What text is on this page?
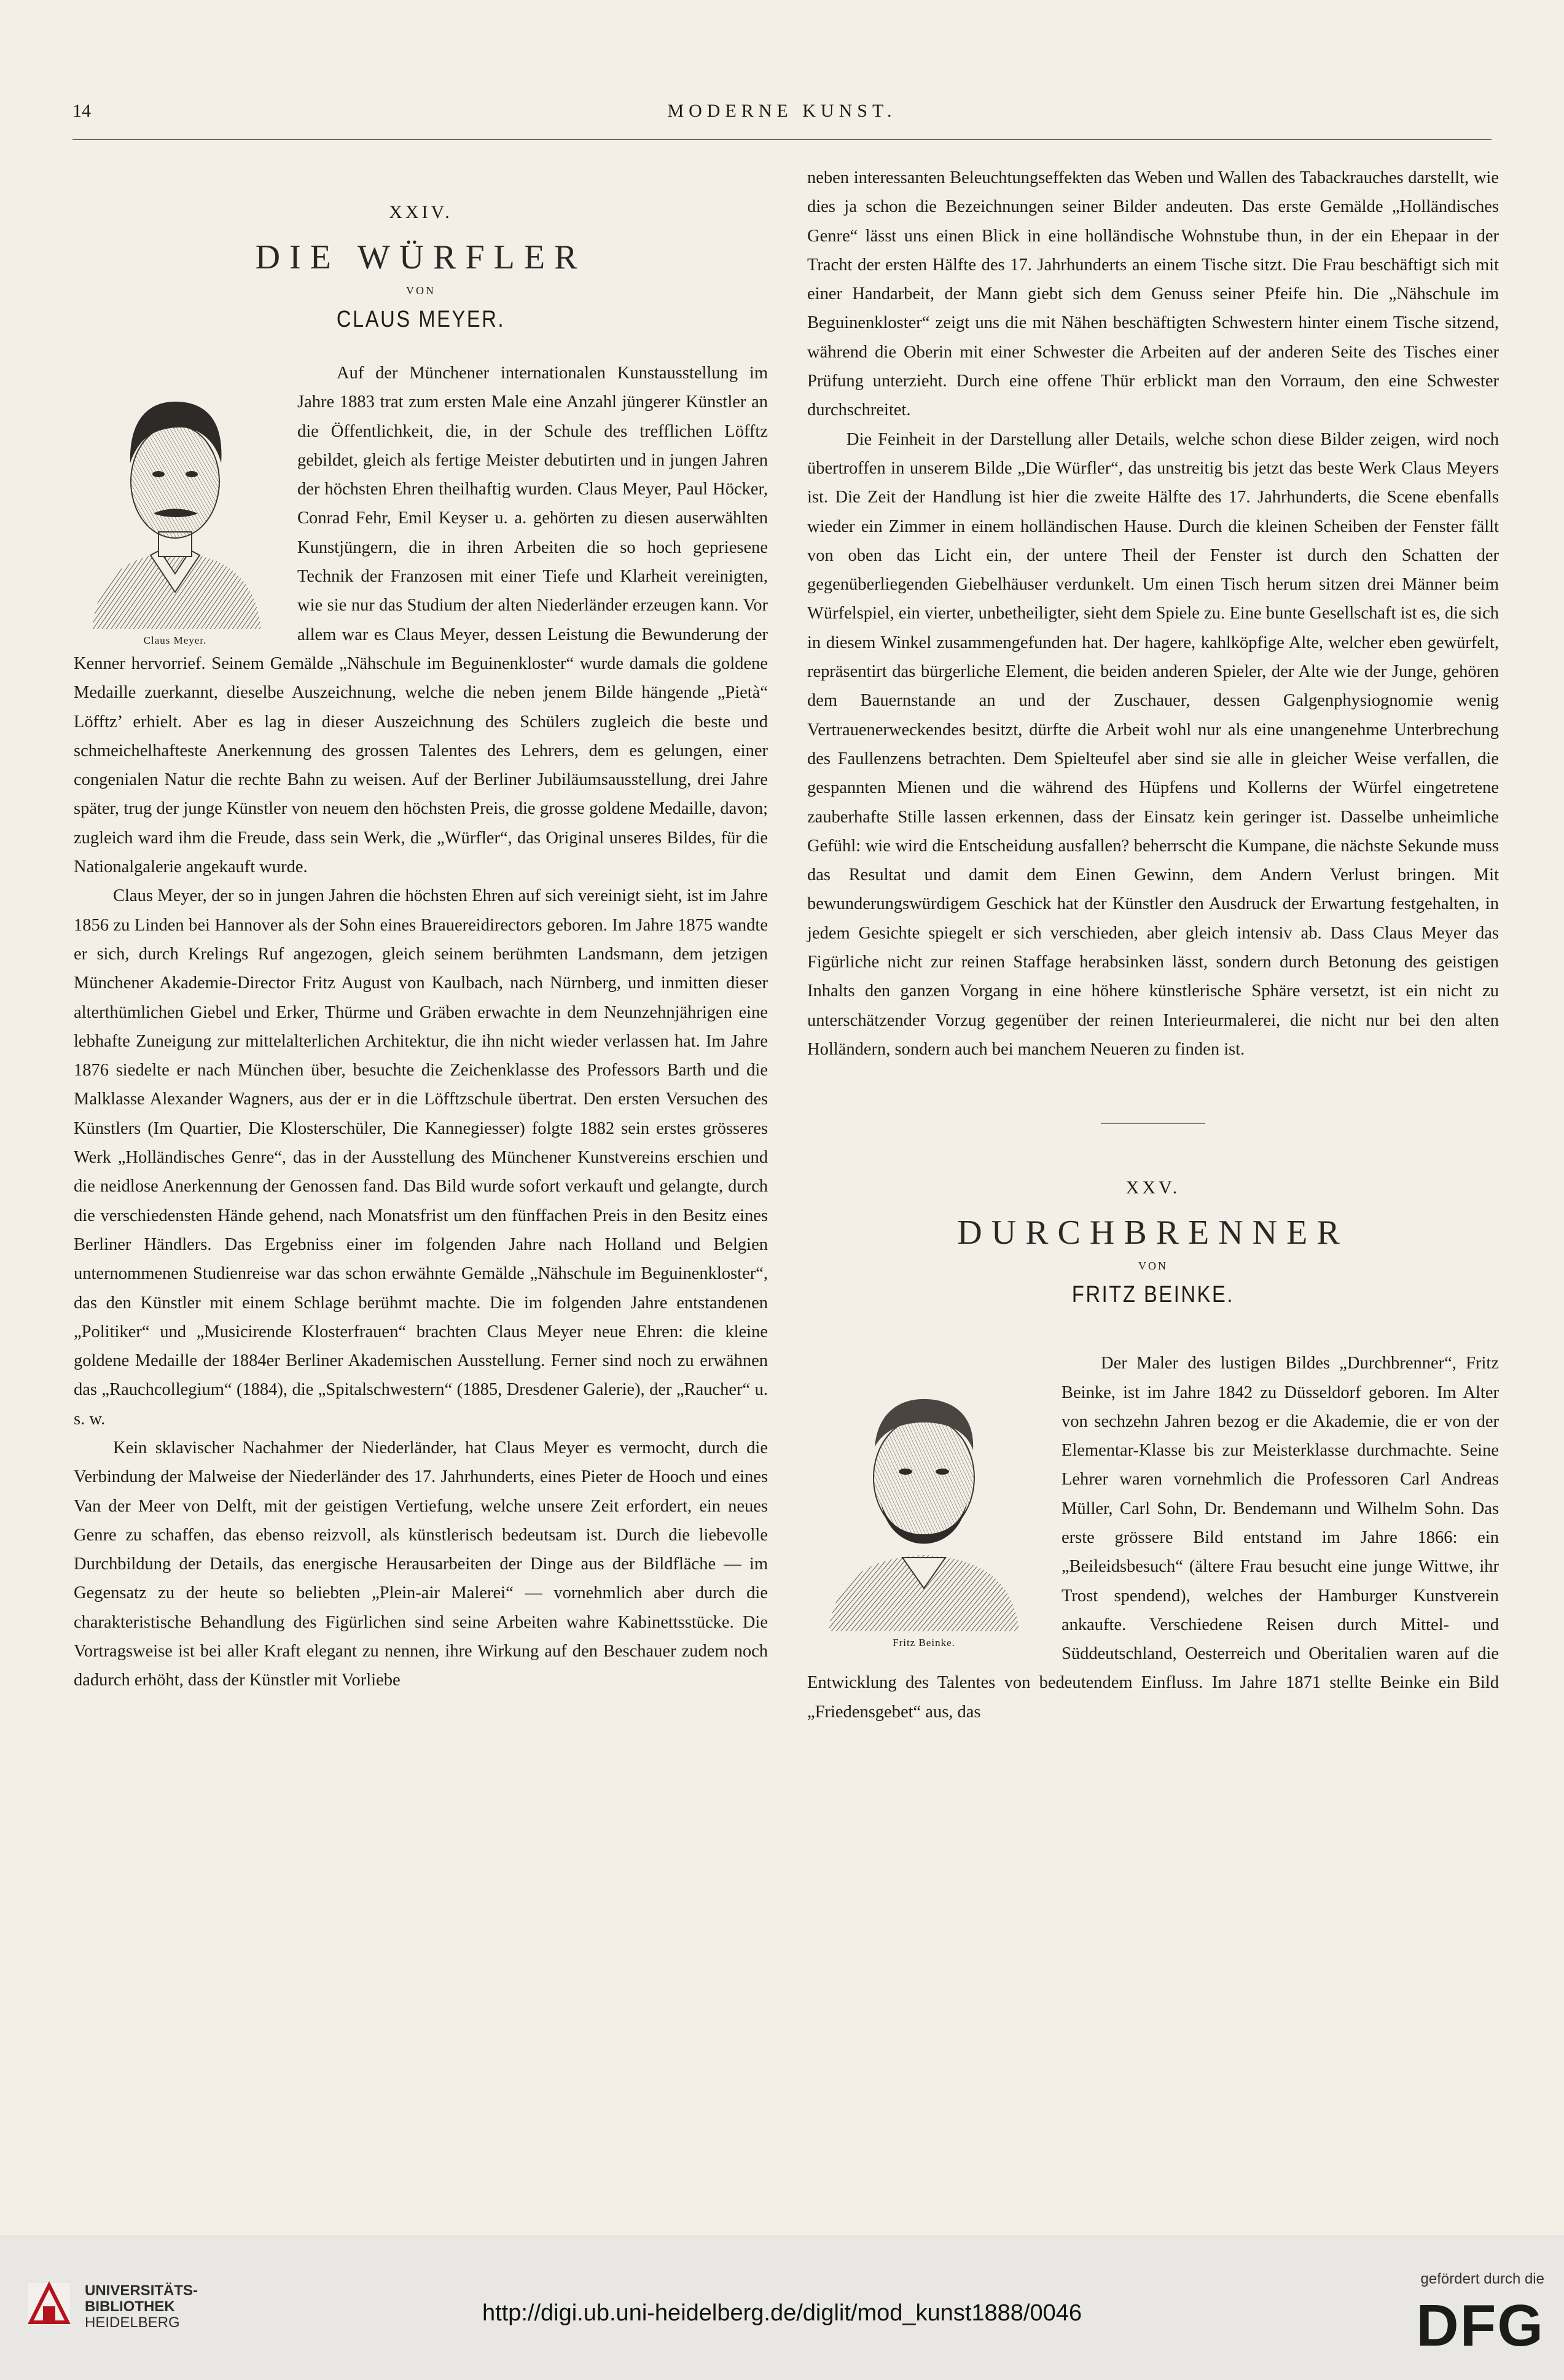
14	MODERNE KUNST.
XXIV.
DIE WÜRFLER
VON
CLAUS MEYER.
Claus Meyer.

Auf der Münchener internationalen Kunstausstellung im Jahre 1883 trat zum ersten Male eine Anzahl jüngerer Künstler an die Öffentlichkeit, die, in der Schule des trefflichen Löfftz gebildet, gleich als fertige Meister debutirten und in jungen Jahren der höchsten Ehren theilhaftig wurden. Claus Meyer, Paul Höcker, Conrad Fehr, Emil Keyser u. a. gehörten zu diesen auserwählten Kunstjüngern, die in ihren Arbeiten die so hoch gepriesene Technik der Franzosen mit einer Tiefe und Klarheit vereinigten, wie sie nur das Studium der alten Niederländer erzeugen kann. Vor allem war es Claus Meyer, dessen Leistung die Bewunderung der Kenner hervorrief. Seinem Gemälde „Nähschule im Beguinenkloster“ wurde damals die goldene Medaille zuerkannt, dieselbe Auszeichnung, welche die neben jenem Bilde hängende „Pietà“ Löfftz’ erhielt. Aber es lag in dieser Auszeichnung des Schülers zugleich die beste und schmeichelhafteste Anerkennung des grossen Talentes des Lehrers, dem es gelungen, einer congenialen Natur die rechte Bahn zu weisen. Auf der Berliner Jubiläumsausstellung, drei Jahre später, trug der junge Künstler von neuem den höchsten Preis, die grosse goldene Medaille, davon; zugleich ward ihm die Freude, dass sein Werk, die „Würfler“, das Original unseres Bildes, für die Nationalgalerie angekauft wurde.

Claus Meyer, der so in jungen Jahren die höchsten Ehren auf sich vereinigt sieht, ist im Jahre 1856 zu Linden bei Hannover als der Sohn eines Brauereidirectors geboren. Im Jahre 1875 wandte er sich, durch Krelings Ruf angezogen, gleich seinem berühmten Landsmann, dem jetzigen Münchener Akademie-Director Fritz August von Kaulbach, nach Nürnberg, und inmitten dieser alterthümlichen Giebel und Erker, Thürme und Gräben erwachte in dem Neunzehnjährigen eine lebhafte Zuneigung zur mittelalterlichen Architektur, die ihn nicht wieder verlassen hat. Im Jahre 1876 siedelte er nach München über, besuchte die Zeichenklasse des Professors Barth und die Malklasse Alexander Wagners, aus der er in die Löfftzschule übertrat. Den ersten Versuchen des Künstlers (Im Quartier, Die Klosterschüler, Die Kannegiesser) folgte 1882 sein erstes grösseres Werk „Holländisches Genre“, das in der Ausstellung des Münchener Kunstvereins erschien und die neidlose Anerkennung der Genossen fand. Das Bild wurde sofort verkauft und gelangte, durch die verschiedensten Hände gehend, nach Monatsfrist um den fünffachen Preis in den Besitz eines Berliner Händlers. Das Ergebniss einer im folgenden Jahre nach Holland und Belgien unternommenen Studienreise war das schon erwähnte Gemälde „Nähschule im Beguinenkloster“, das den Künstler mit einem Schlage berühmt machte. Die im folgenden Jahre entstandenen „Politiker“ und „Musicirende Klosterfrauen“ brachten Claus Meyer neue Ehren: die kleine goldene Medaille der 1884er Berliner Akademischen Ausstellung. Ferner sind noch zu erwähnen das „Rauchcollegium“ (1884), die „Spitalschwestern“ (1885, Dresdener Galerie), der „Raucher“ u. s. w.

Kein sklavischer Nachahmer der Niederländer, hat Claus Meyer es vermocht, durch die Verbindung der Malweise der Niederländer des 17. Jahrhunderts, eines Pieter de Hooch und eines Van der Meer von Delft, mit der geistigen Vertiefung, welche unsere Zeit erfordert, ein neues Genre zu schaffen, das ebenso reizvoll, als künstlerisch bedeutsam ist. Durch die liebevolle Durchbildung der Details, das energische Herausarbeiten der Dinge aus der Bildfläche — im Gegensatz zu der heute so beliebten „Plein-air Malerei“ — vornehmlich aber durch die charakteristische Behandlung des Figürlichen sind seine Arbeiten wahre Kabinettsstücke. Die Vortragsweise ist bei aller Kraft elegant zu nennen, ihre Wirkung auf den Beschauer zudem noch dadurch erhöht, dass der Künstler mit Vorliebe

neben interessanten Beleuchtungseffekten das Weben und Wallen des Tabackrauches darstellt, wie dies ja schon die Bezeichnungen seiner Bilder andeuten. Das erste Gemälde „Holländisches Genre“ lässt uns einen Blick in eine holländische Wohnstube thun, in der ein Ehepaar in der Tracht der ersten Hälfte des 17. Jahrhunderts an einem Tische sitzt. Die Frau beschäftigt sich mit einer Handarbeit, der Mann giebt sich dem Genuss seiner Pfeife hin. Die „Nähschule im Beguinenkloster“ zeigt uns die mit Nähen beschäftigten Schwestern hinter einem Tische sitzend, während die Oberin mit einer Schwester die Arbeiten auf der anderen Seite des Tisches einer Prüfung unterzieht. Durch eine offene Thür erblickt man den Vorraum, den eine Schwester durchschreitet.

Die Feinheit in der Darstellung aller Details, welche schon diese Bilder zeigen, wird noch übertroffen in unserem Bilde „Die Würfler“, das unstreitig bis jetzt das beste Werk Claus Meyers ist. Die Zeit der Handlung ist hier die zweite Hälfte des 17. Jahrhunderts, die Scene ebenfalls wieder ein Zimmer in einem holländischen Hause. Durch die kleinen Scheiben der Fenster fällt von oben das Licht ein, der untere Theil der Fenster ist durch den Schatten der gegenüberliegenden Giebelhäuser verdunkelt. Um einen Tisch herum sitzen drei Männer beim Würfelspiel, ein vierter, unbetheiligter, sieht dem Spiele zu. Eine bunte Gesellschaft ist es, die sich in diesem Winkel zusammengefunden hat. Der hagere, kahlköpfige Alte, welcher eben gewürfelt, repräsentirt das bürgerliche Element, die beiden anderen Spieler, der Alte wie der Junge, gehören dem Bauernstande an und der Zuschauer, dessen Galgenphysiognomie wenig Vertrauenerweckendes besitzt, dürfte die Arbeit wohl nur als eine unangenehme Unterbrechung des Faullenzens betrachten. Dem Spielteufel aber sind sie alle in gleicher Weise verfallen, die gespannten Mienen und die während des Hüpfens und Kollerns der Würfel eingetretene zauberhafte Stille lassen erkennen, dass der Einsatz kein geringer ist. Dasselbe unheimliche Gefühl: wie wird die Entscheidung ausfallen? beherrscht die Kumpane, die nächste Sekunde muss das Resultat und damit dem Einen Gewinn, dem Andern Verlust bringen. Mit bewunderungswürdigem Geschick hat der Künstler den Ausdruck der Erwartung festgehalten, in jedem Gesichte spiegelt er sich verschieden, aber gleich intensiv ab. Dass Claus Meyer das Figürliche nicht zur reinen Staffage herabsinken lässt, sondern durch Betonung des geistigen Inhalts den ganzen Vorgang in eine höhere künstlerische Sphäre versetzt, ist ein nicht zu unterschätzender Vorzug gegenüber der reinen Interieurmalerei, die nicht nur bei den alten Holländern, sondern auch bei manchem Neueren zu finden ist.

XXV.
DURCHBRENNER
VON
FRITZ BEINKE.
Fritz Beinke.

Der Maler des lustigen Bildes „Durchbrenner“, Fritz Beinke, ist im Jahre 1842 zu Düsseldorf geboren. Im Alter von sechzehn Jahren bezog er die Akademie, die er von der Elementar-Klasse bis zur Meisterklasse durchmachte. Seine Lehrer waren vornehmlich die Professoren Carl Andreas Müller, Carl Sohn, Dr. Bendemann und Wilhelm Sohn. Das erste grössere Bild entstand im Jahre 1866: ein „Beileidsbesuch“ (ältere Frau besucht eine junge Wittwe, ihr Trost spendend), welches der Hamburger Kunstverein ankaufte. Verschiedene Reisen durch Mittel- und Süddeutschland, Oesterreich und Oberitalien waren auf die Entwicklung des Talentes von bedeutendem Einfluss. Im Jahre 1871 stellte Beinke ein Bild „Friedensgebet“ aus, das

UNIVERSITÄTS-
BIBLIOTHEK
HEIDELBERG	http://digi.ub.uni-heidelberg.de/diglit/mod_kunst1888/0046
gefördert durch die
DFG
